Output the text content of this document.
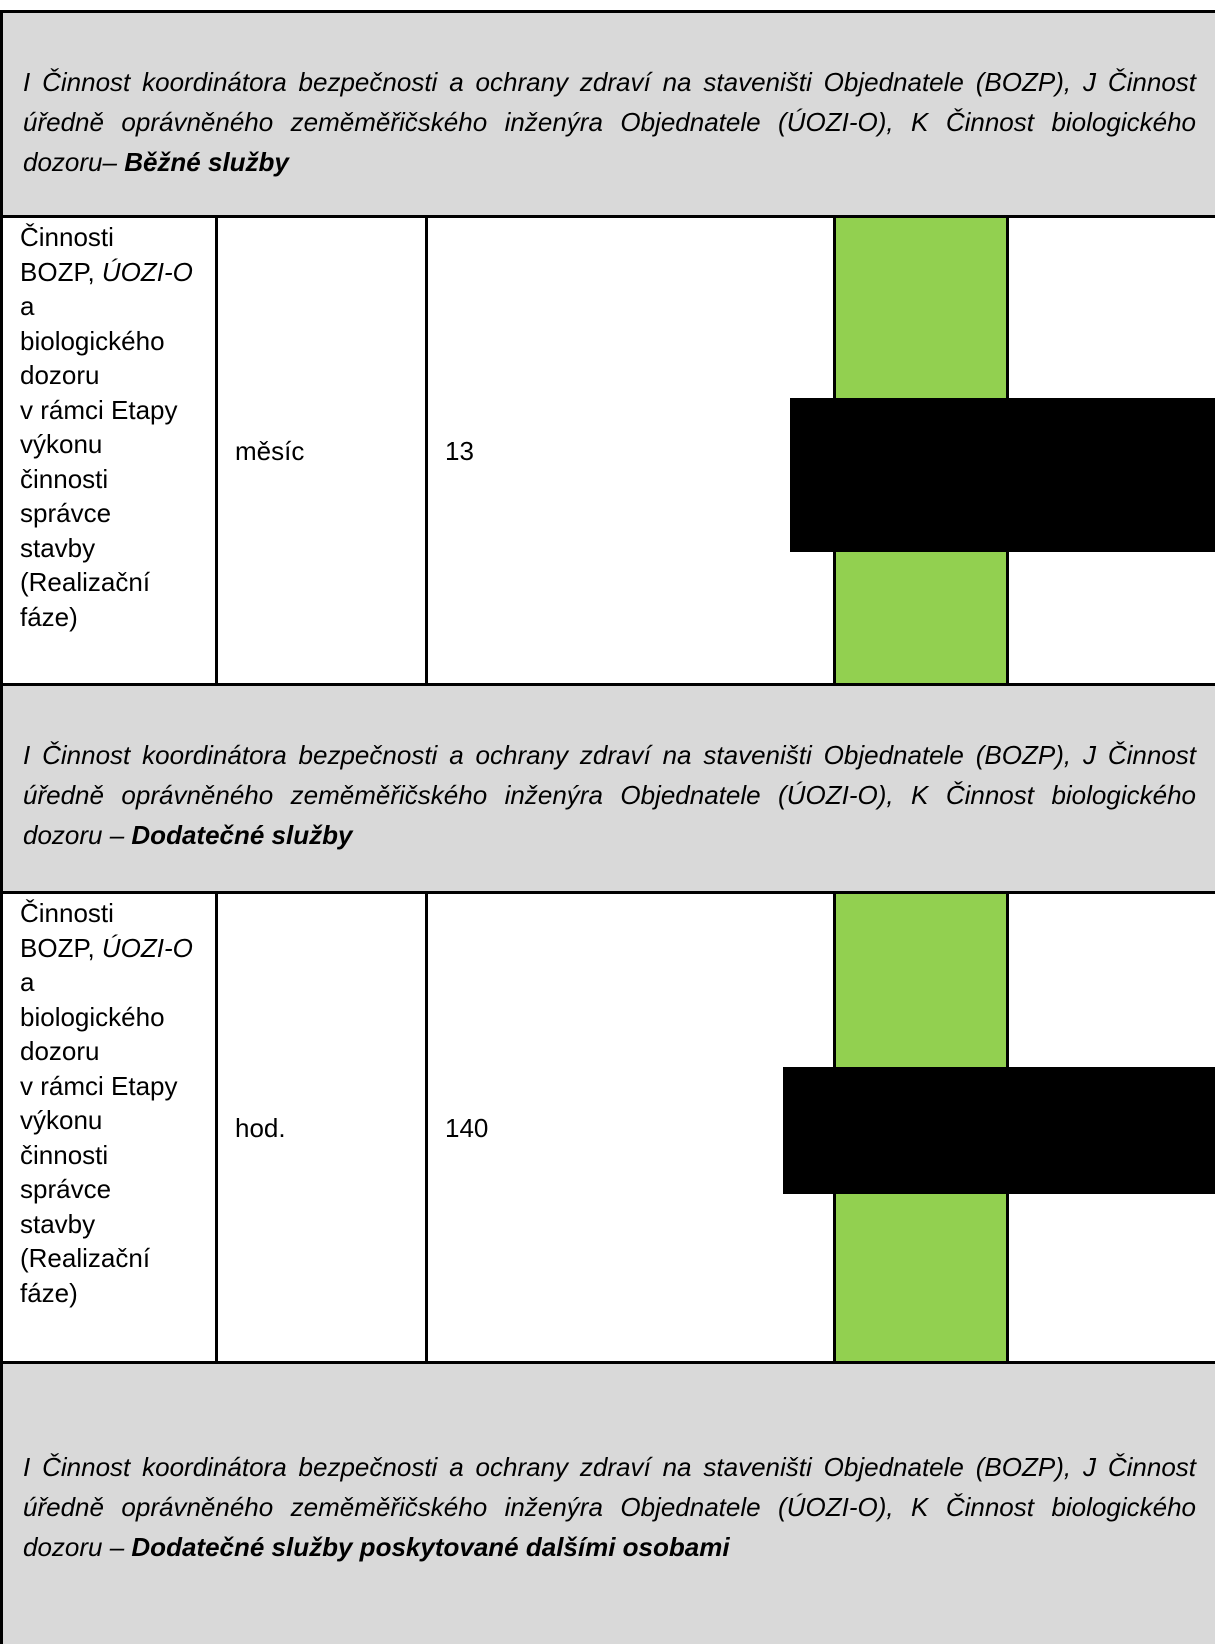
I Činnost koordinátora bezpečnosti a ochrany zdraví na staveništi Objednatele (BOZP), J Činnost úředně oprávněného zeměměřičského inženýra Objednatele (ÚOZI-O), K Činnost biologického dozoru– Běžné služby
Činnosti
BOZP, ÚOZI-O
a
biologického
dozoru
v rámci Etapy
výkonu
činnosti
správce
stavby
(Realizační
fáze)
měsíc	13
I Činnost koordinátora bezpečnosti a ochrany zdraví na staveništi Objednatele (BOZP), J Činnost úředně oprávněného zeměměřičského inženýra Objednatele (ÚOZI-O), K Činnost biologického dozoru – Dodatečné služby
Činnosti
BOZP, ÚOZI-O
a
biologického
dozoru
v rámci Etapy
výkonu
činnosti
správce
stavby
(Realizační
fáze)
hod.	140
I Činnost koordinátora bezpečnosti a ochrany zdraví na staveništi Objednatele (BOZP), J Činnost úředně oprávněného zeměměřičského inženýra Objednatele (ÚOZI-O), K Činnost biologického dozoru – Dodatečné služby poskytované dalšími osobami
